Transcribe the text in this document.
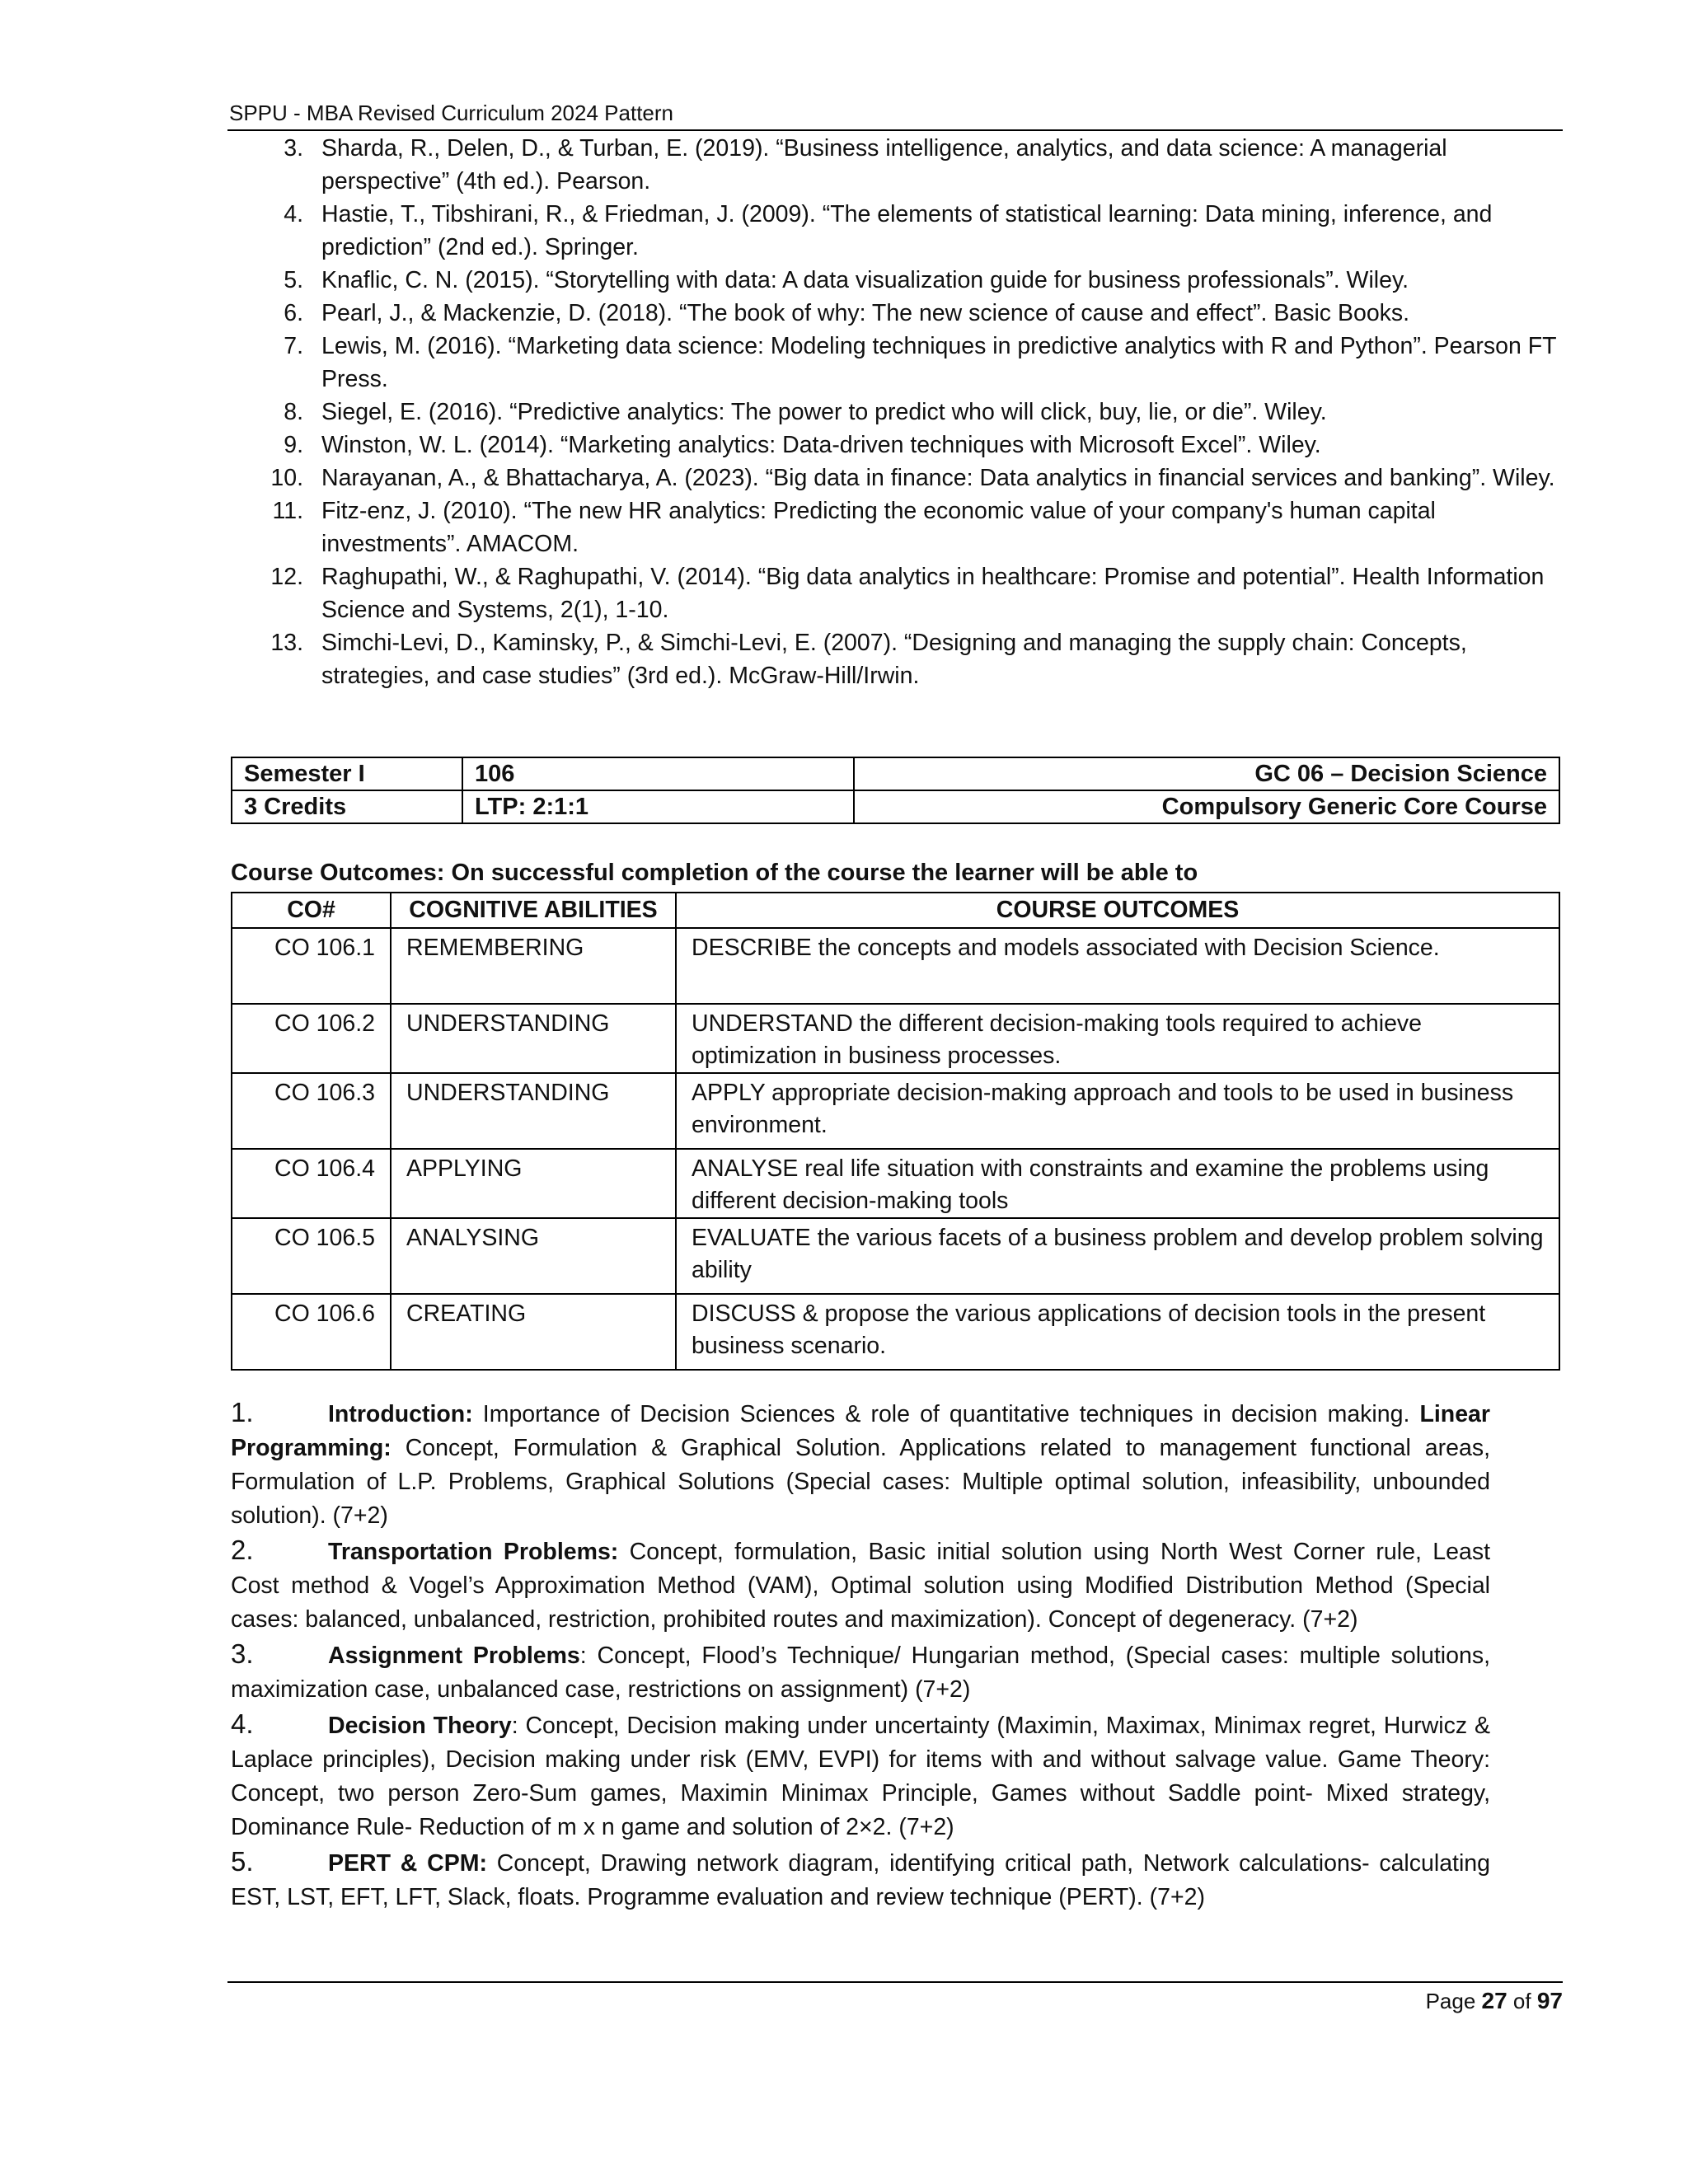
SPPU - MBA Revised Curriculum 2024 Pattern
3. Sharda, R., Delen, D., & Turban, E. (2019). “Business intelligence, analytics, and data science: A managerial perspective” (4th ed.). Pearson.
4. Hastie, T., Tibshirani, R., & Friedman, J. (2009). “The elements of statistical learning: Data mining, inference, and prediction” (2nd ed.). Springer.
5. Knaflic, C. N. (2015). “Storytelling with data: A data visualization guide for business professionals”. Wiley.
6. Pearl, J., & Mackenzie, D. (2018). “The book of why: The new science of cause and effect”. Basic Books.
7. Lewis, M. (2016). “Marketing data science: Modeling techniques in predictive analytics with R and Python”. Pearson FT Press.
8. Siegel, E. (2016). “Predictive analytics: The power to predict who will click, buy, lie, or die”. Wiley.
9. Winston, W. L. (2014). “Marketing analytics: Data-driven techniques with Microsoft Excel”. Wiley.
10. Narayanan, A., & Bhattacharya, A. (2023). “Big data in finance: Data analytics in financial services and banking”. Wiley.
11. Fitz-enz, J. (2010). “The new HR analytics: Predicting the economic value of your company's human capital investments”. AMACOM.
12. Raghupathi, W., & Raghupathi, V. (2014). “Big data analytics in healthcare: Promise and potential”. Health Information Science and Systems, 2(1), 1-10.
13. Simchi-Levi, D., Kaminsky, P., & Simchi-Levi, E. (2007). “Designing and managing the supply chain: Concepts, strategies, and case studies” (3rd ed.). McGraw-Hill/Irwin.
Semester I	106	GC 06 – Decision Science
3 Credits	LTP: 2:1:1	Compulsory Generic Core Course
Course Outcomes: On successful completion of the course the learner will be able to
CO#	COGNITIVE ABILITIES	COURSE OUTCOMES
CO 106.1	REMEMBERING	DESCRIBE the concepts and models associated with Decision Science.
CO 106.2	UNDERSTANDING	UNDERSTAND the different decision-making tools required to achieve optimization in business processes.
CO 106.3	UNDERSTANDING	APPLY appropriate decision-making approach and tools to be used in business environment.
CO 106.4	APPLYING	ANALYSE real life situation with constraints and examine the problems using different decision-making tools
CO 106.5	ANALYSING	EVALUATE the various facets of a business problem and develop problem solving ability
CO 106.6	CREATING	DISCUSS & propose the various applications of decision tools in the present business scenario.
1.	Introduction: Importance of Decision Sciences & role of quantitative techniques in decision making. Linear Programming: Concept, Formulation & Graphical Solution. Applications related to management functional areas, Formulation of L.P. Problems, Graphical Solutions (Special cases: Multiple optimal solution, infeasibility, unbounded solution). (7+2)
2.	Transportation Problems: Concept, formulation, Basic initial solution using North West Corner rule, Least Cost method & Vogel’s Approximation Method (VAM), Optimal solution using Modified Distribution Method (Special cases: balanced, unbalanced, restriction, prohibited routes and maximization). Concept of degeneracy. (7+2)
3.	Assignment Problems: Concept, Flood’s Technique/ Hungarian method, (Special cases: multiple solutions, maximization case, unbalanced case, restrictions on assignment) (7+2)
4.	Decision Theory: Concept, Decision making under uncertainty (Maximin, Maximax, Minimax regret, Hurwicz & Laplace principles), Decision making under risk (EMV, EVPI) for items with and without salvage value. Game Theory: Concept, two person Zero-Sum games, Maximin Minimax Principle, Games without Saddle point- Mixed strategy, Dominance Rule- Reduction of m x n game and solution of 2×2. (7+2)
5.	PERT & CPM: Concept, Drawing network diagram, identifying critical path, Network calculations- calculating EST, LST, EFT, LFT, Slack, floats. Programme evaluation and review technique (PERT). (7+2)
Page 27 of 97
